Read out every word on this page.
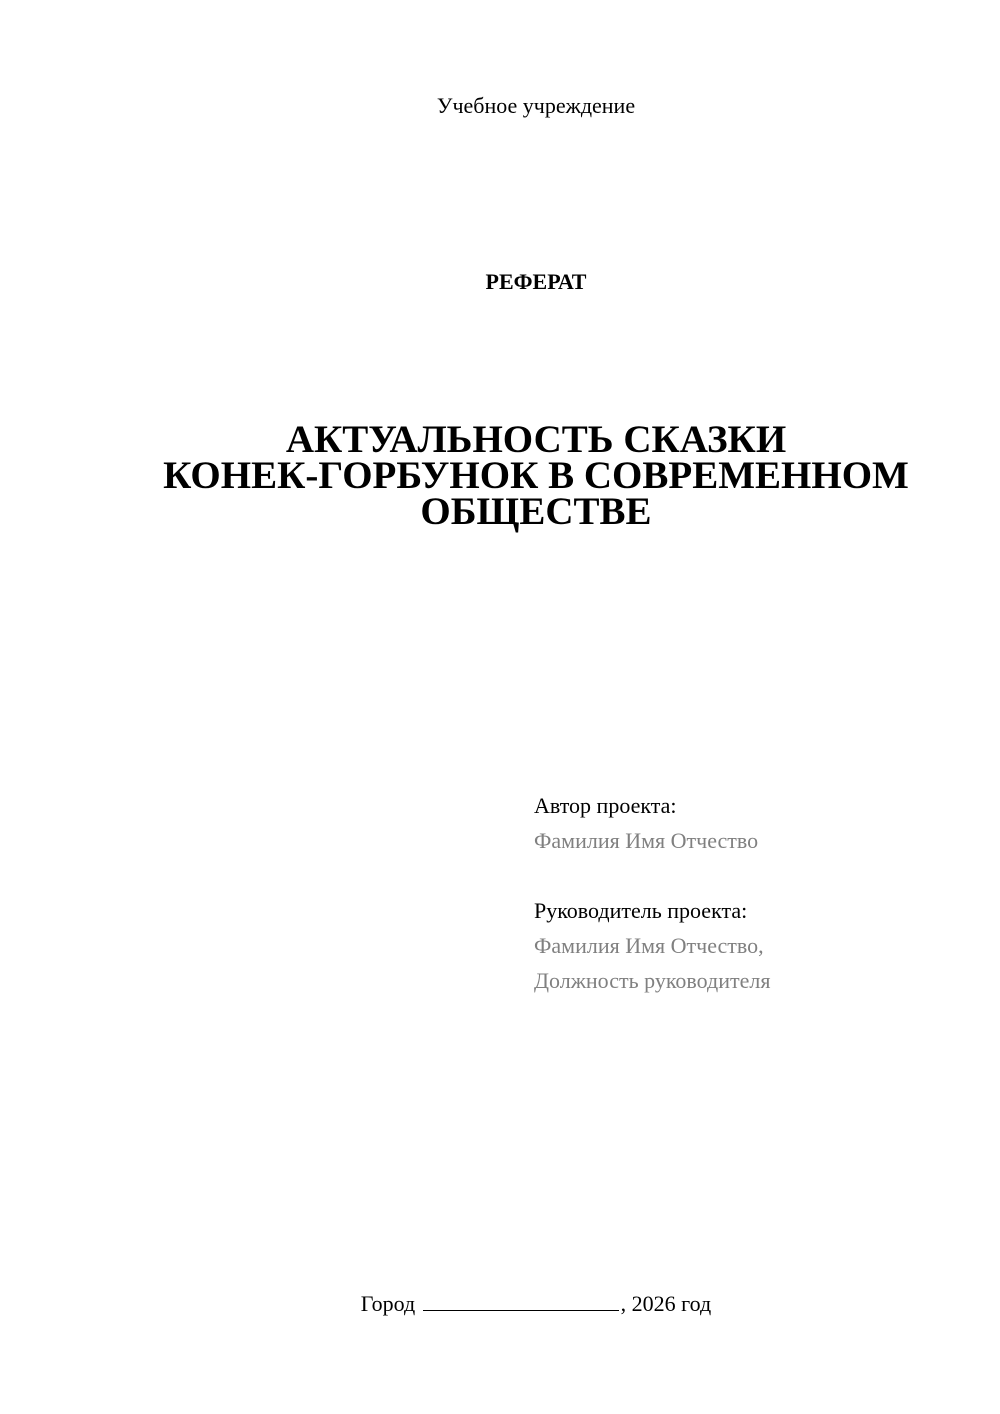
Учебное учреждение
РЕФЕРАТ
АКТУАЛЬНОСТЬ СКАЗКИ
КОНЕК-ГОРБУНОК В СОВРЕМЕННОМ
ОБЩЕСТВЕ
Автор проекта:
Фамилия Имя Отчество
Руководитель проекта:
Фамилия Имя Отчество,
Должность руководителя
Город	, 2026 год
